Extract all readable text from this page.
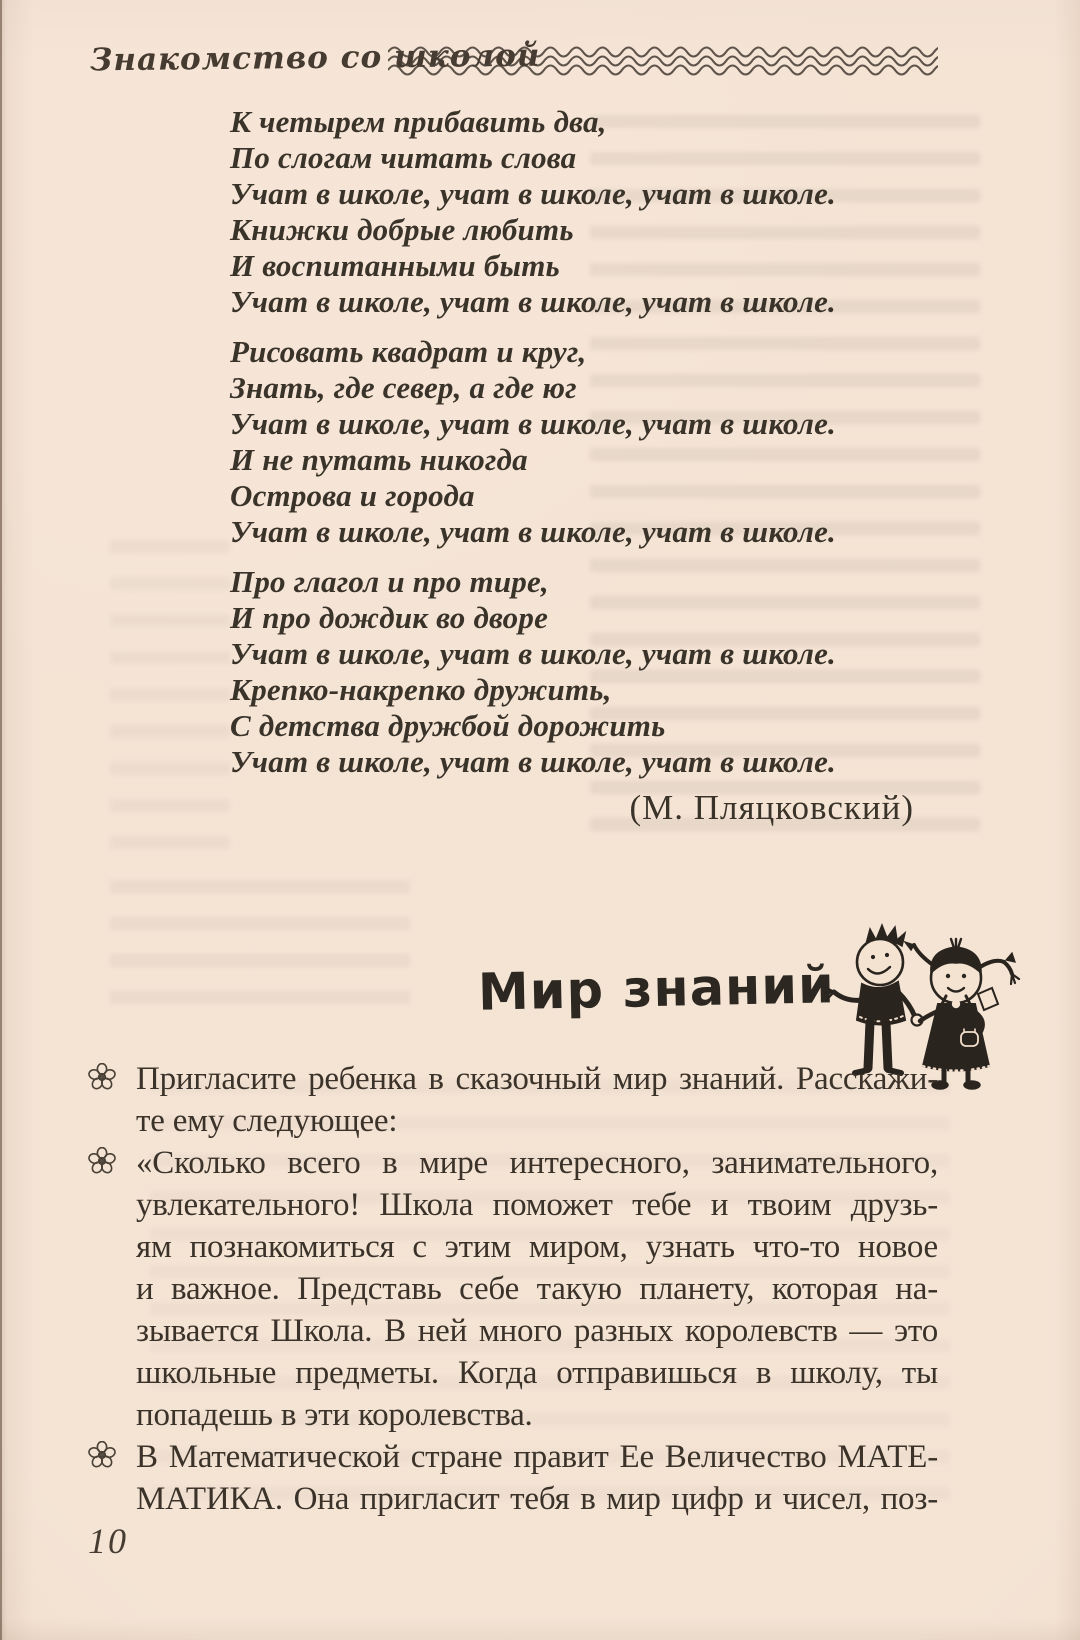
Знакомство со школой
К четырем прибавить два,
По слогам читать слова
Учат в школе, учат в школе, учат в школе.
Книжки добрые любить
И воспитанными быть
Учат в школе, учат в школе, учат в школе.
Рисовать квадрат и круг,
Знать, где север, а где юг
Учат в школе, учат в школе, учат в школе.
И не путать никогда
Острова и города
Учат в школе, учат в школе, учат в школе.
Про глагол и про тире,
И про дождик во дворе
Учат в школе, учат в школе, учат в школе.
Крепко-накрепко дружить,
С детства дружбой дорожить
Учат в школе, учат в школе, учат в школе.
(М. Пляцковский)
Мир знаний
Пригласите ребенка в сказочный мир знаний. Расскажи-
те ему следующее:
«Сколько всего в мире интересного, занимательного,
увлекательного! Школа поможет тебе и твоим друзь-
ям познакомиться с этим миром, узнать что-то новое
и важное. Представь себе такую планету, которая на-
зывается Школа. В ней много разных королевств — это
школьные предметы. Когда отправишься в школу, ты
попадешь в эти королевства.
В Математической стране правит Ее Величество МАТЕ-
МАТИКА. Она пригласит тебя в мир цифр и чисел, поз-
10
